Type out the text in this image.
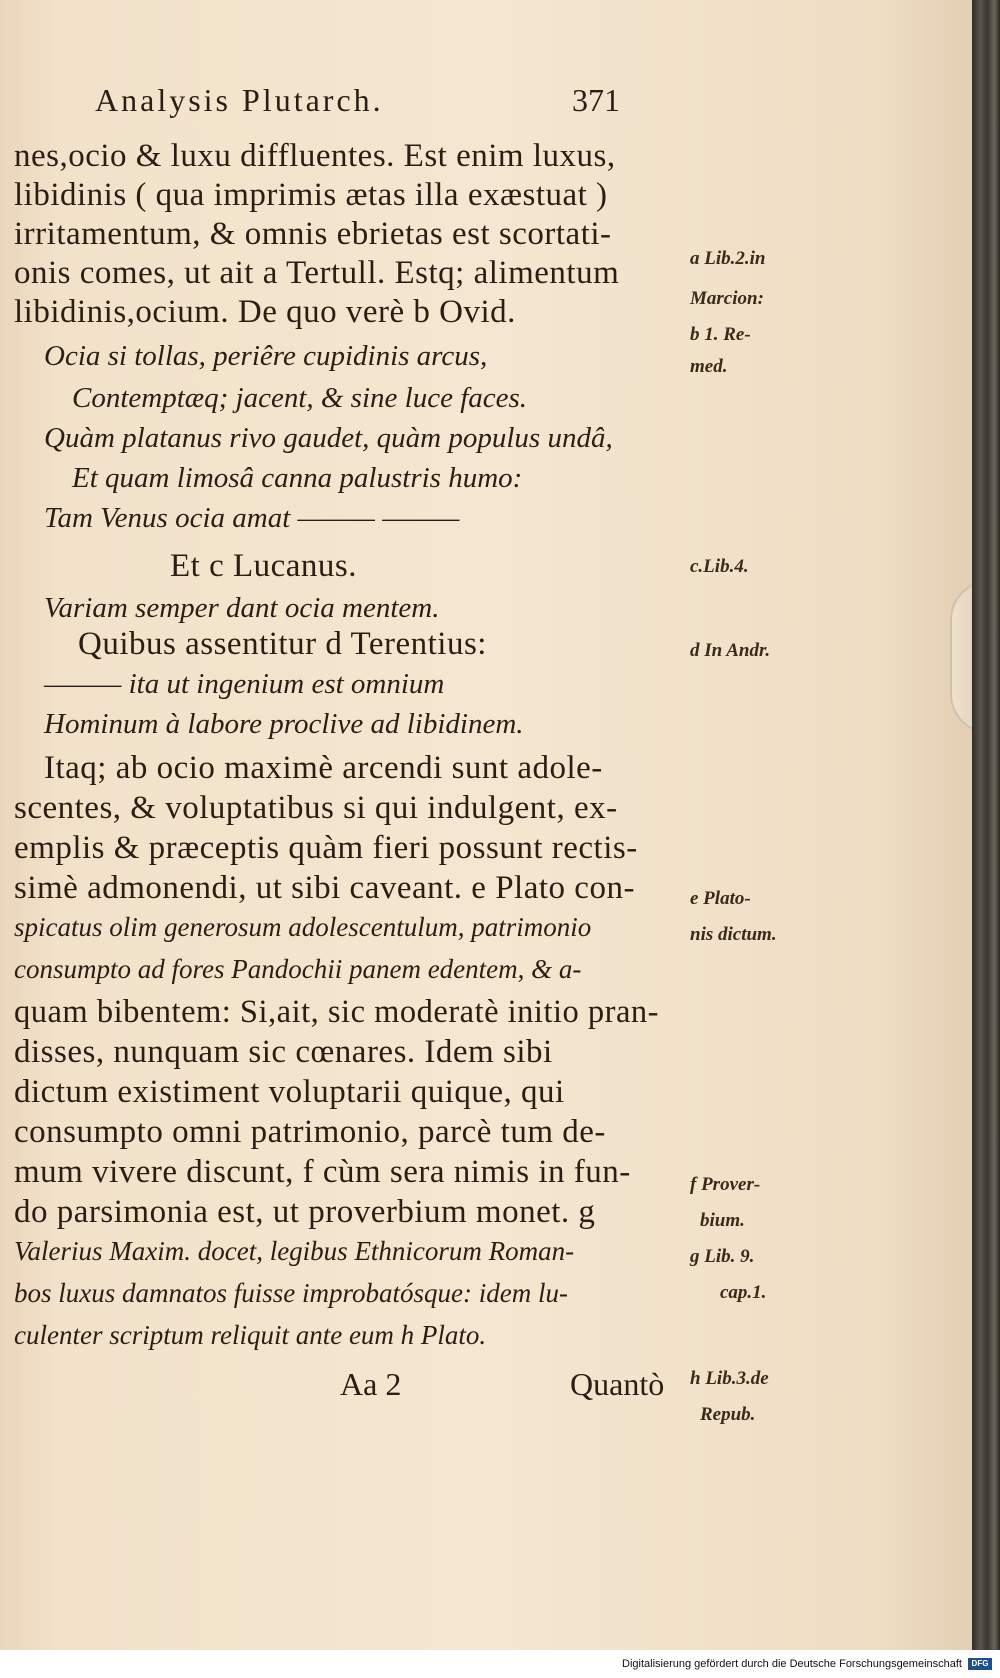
Analysis Plutarch.	371
nes,ocio & luxu diffluentes. Est enim luxus,
libidinis ( qua imprimis ætas illa exæstuat )
irritamentum, & omnis ebrietas est scortati-
onis comes, ut ait a Tertull. Estq; alimentum
libidinis,ocium. De quo verè b Ovid.
Ocia si tollas, periêre cupidinis arcus,
Contemptæq; jacent, & sine luce faces.
Quàm platanus rivo gaudet, quàm populus undâ,
Et quam limosâ canna palustris humo:
Tam Venus ocia amat ——— ———
Et c Lucanus.
Variam semper dant ocia mentem.
Quibus assentitur d Terentius:
——— ita ut ingenium est omnium
Hominum à labore proclive ad libidinem.
Itaq; ab ocio maximè arcendi sunt adole-
scentes, & voluptatibus si qui indulgent, ex-
emplis & præceptis quàm fieri possunt rectis-
simè admonendi, ut sibi caveant. e Plato con-
spicatus olim generosum adolescentulum, patrimonio
consumpto ad fores Pandochii panem edentem, & a-
quam bibentem: Si,ait, sic moderatè initio pran-
disses, nunquam sic cœnares. Idem sibi
dictum existiment voluptarii quique, qui
consumpto omni patrimonio, parcè tum de-
mum vivere discunt, f cùm sera nimis in fun-
do parsimonia est, ut proverbium monet. g
Valerius Maxim. docet, legibus Ethnicorum Roman-
bos luxus damnatos fuisse improbatósque: idem lu-
culenter scriptum reliquit ante eum h Plato.
Aa 2	Quantò
a Lib.2.in
Marcion:
b 1. Re-
med.
c.Lib.4.
d In Andr.
e Plato-
nis dictum.
f Prover-
bium.
g Lib. 9.
cap.1.
h Lib.3.de
Repub.
Digitalisierung gefördert durch die Deutsche Forschungsgemeinschaft DFG
